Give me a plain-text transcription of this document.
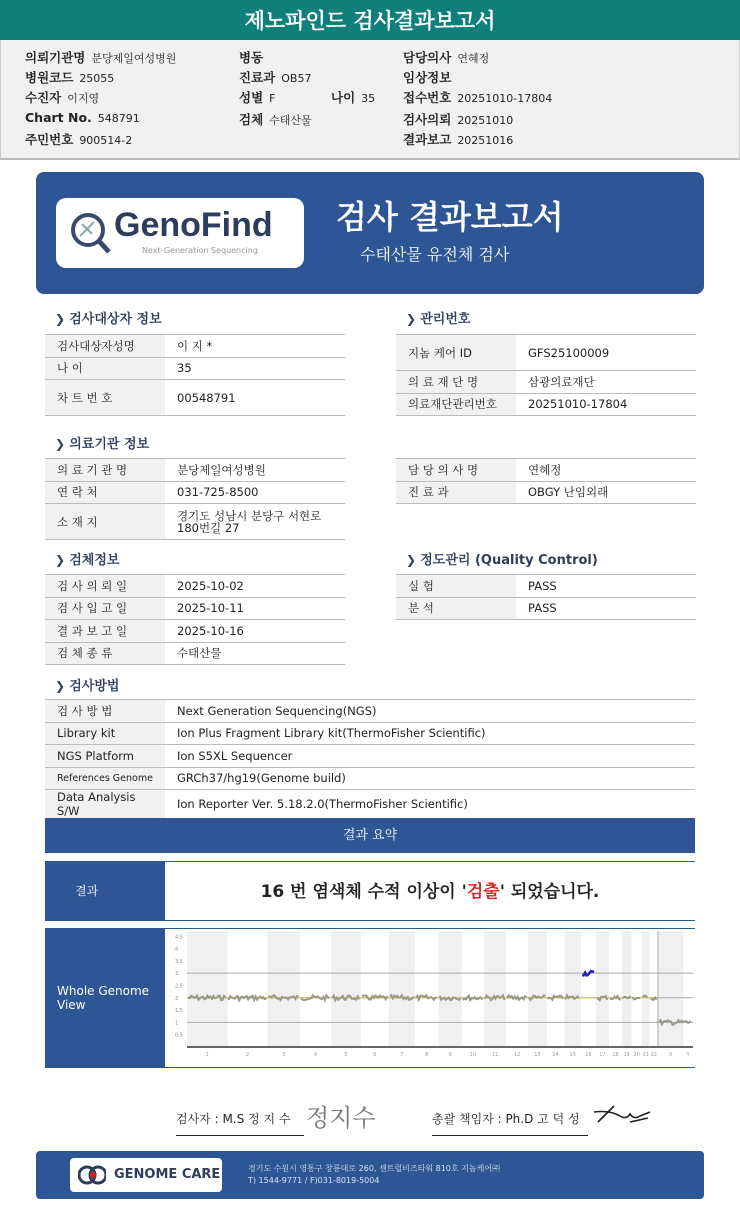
제노파인드 검사결과보고서
의뢰기관명 분당제일여성병원
병원코드 25055
수진자 이지영
Chart No. 548791
주민번호 900514-2
병동
진료과 OB57
성별 F
검체 수태산물
담당의사 연혜정
임상정보
접수번호 20251010-17804
검사의뢰 20251010
결과보고 20251016
나이 35
GenoFind
Next-Generation Sequencing
검사 결과보고서
수태산물 유전체 검사
❯ 검사대상자 정보
검사대상자성명	이 지 *
나 이	35
차 트 번 호	00548791
❯ 관리번호
지놈 케어 ID	GFS25100009
의 료 재 단 명	삼광의료재단
의료재단관리번호	20251010-17804
❯ 의료기관 정보
의 료 기 관 명	분당제일여성병원
연 락 처	031-725-8500
소 재 지	경기도 성남시 분당구 서현로 180번길 27
담 당 의 사 명	연혜정
진 료 과	OBGY 난임외래
❯ 검체정보
검 사 의 뢰 일	2025-10-02
검 사 입 고 일	2025-10-11
결 과 보 고 일	2025-10-16
검 체 종 류	수태산물
❯ 정도관리 (Quality Control)
실 험	PASS
분 석	PASS
❯ 검사방법
검 사 방 법	Next Generation Sequencing(NGS)
Library kit	Ion Plus Fragment Library kit(ThermoFisher Scientific)
NGS Platform	Ion S5XL Sequencer
References Genome	GRCh37/hg19(Genome build)
Data Analysis S/W	Ion Reporter Ver. 5.18.2.0(ThermoFisher Scientific)
결과 요약
결과	16 번 염색체 수적 이상이 '검출' 되었습니다.
Whole Genome View
0.5
1
1.5
2
2.5
3
3.5
4
4.5
1	2	3	4	5	6	7	8	9	10	11	12	13 14 15 16 17 18 19 20 21 22 X	Y
검사자 : M.S 정 지 수 정지수	총괄 책임자 : Ph.D 고 덕 성
GENOME CARE	경기도 수원시 영통구 창룡대로 260, 센트럴비즈타워 810호 지놈케어㈜
T) 1544-9771 / F)031-8019-5004
